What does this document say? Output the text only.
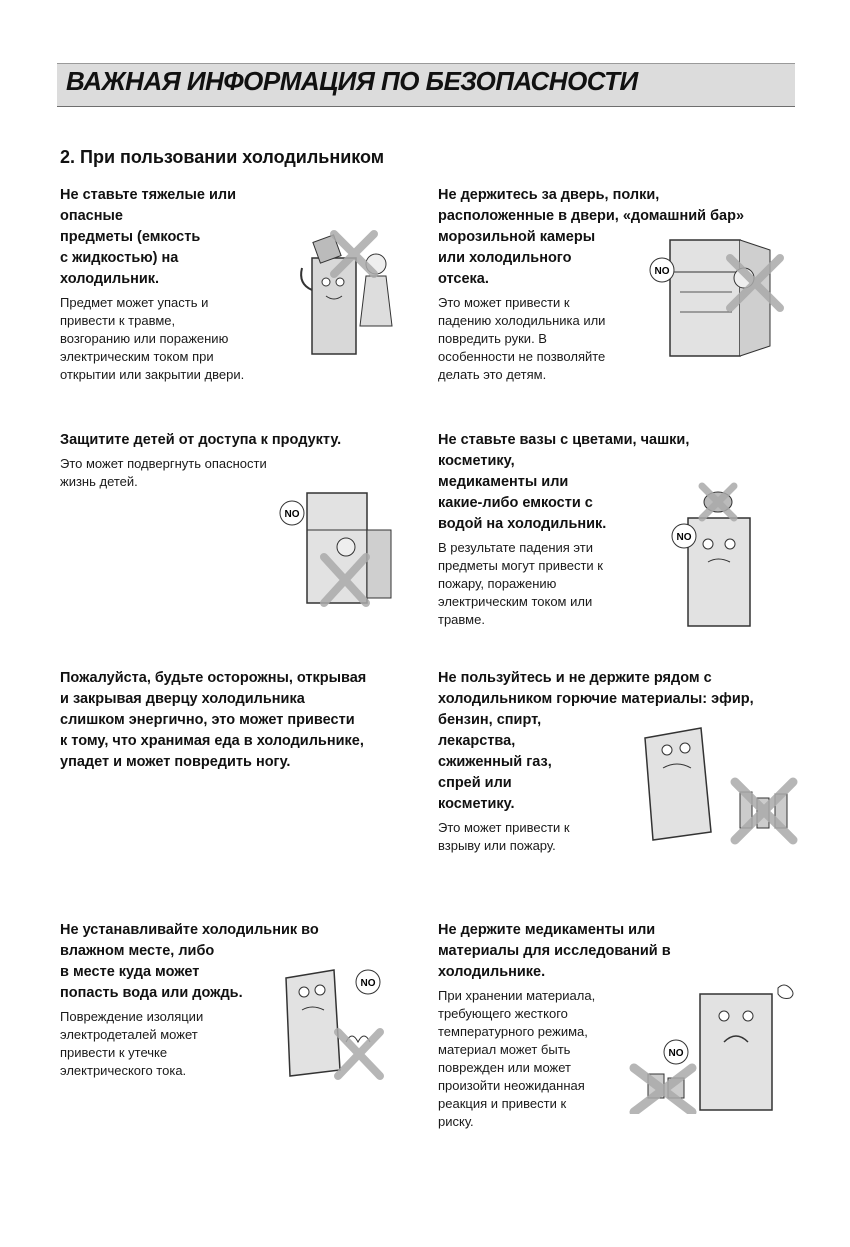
ВАЖНАЯ ИНФОРМАЦИЯ ПО БЕЗОПАСНОСТИ
2. При пользовании холодильником
Не ставьте тяжелые или опасные
предметы (емкость
с жидкостью) на
холодильник.
Предмет может упасть и
привести к травме,
возгоранию или поражению
электрическим током при
открытии или закрытии двери.
Не держитесь за дверь, полки,
расположенные в двери, «домашний бар»
морозильной камеры
или холодильного
отсека.
Это может привести к
падению холодильника или
повредить руки. В
особенности не позволяйте
делать это детям.
Защитите детей от доступа к продукту.
Это может подвергнуть опасности
жизнь детей.
Не ставьте вазы с цветами, чашки,
косметику,
медикаменты или
какие-либо емкости с
водой на холодильник.
В результате падения эти
предметы могут привести к
пожару, поражению
электрическим током или
травме.
Пожалуйста, будьте осторожны, открывая
и закрывая дверцу холодильника
слишком энергично, это может привести
к тому, что хранимая еда в холодильнике,
упадет и может повредить ногу.
Не пользуйтесь и не держите рядом с
холодильником горючие материалы: эфир,
бензин, спирт,
лекарства,
сжиженный газ,
спрей или
косметику.
Это может привести к
взрыву или пожару.
Не устанавливайте холодильник во
влажном месте, либо
в месте куда может
попасть вода или дождь.
Повреждение изоляции
электродеталей может
привести к утечке
электрического тока.
Не держите медикаменты или
материалы для исследований в
холодильнике.
При хранении материала,
требующего жесткого
температурного режима,
материал может быть
поврежден или может
произойти неожиданная
реакция и привести к
риску.
NO
NO
NO
NO
NO
